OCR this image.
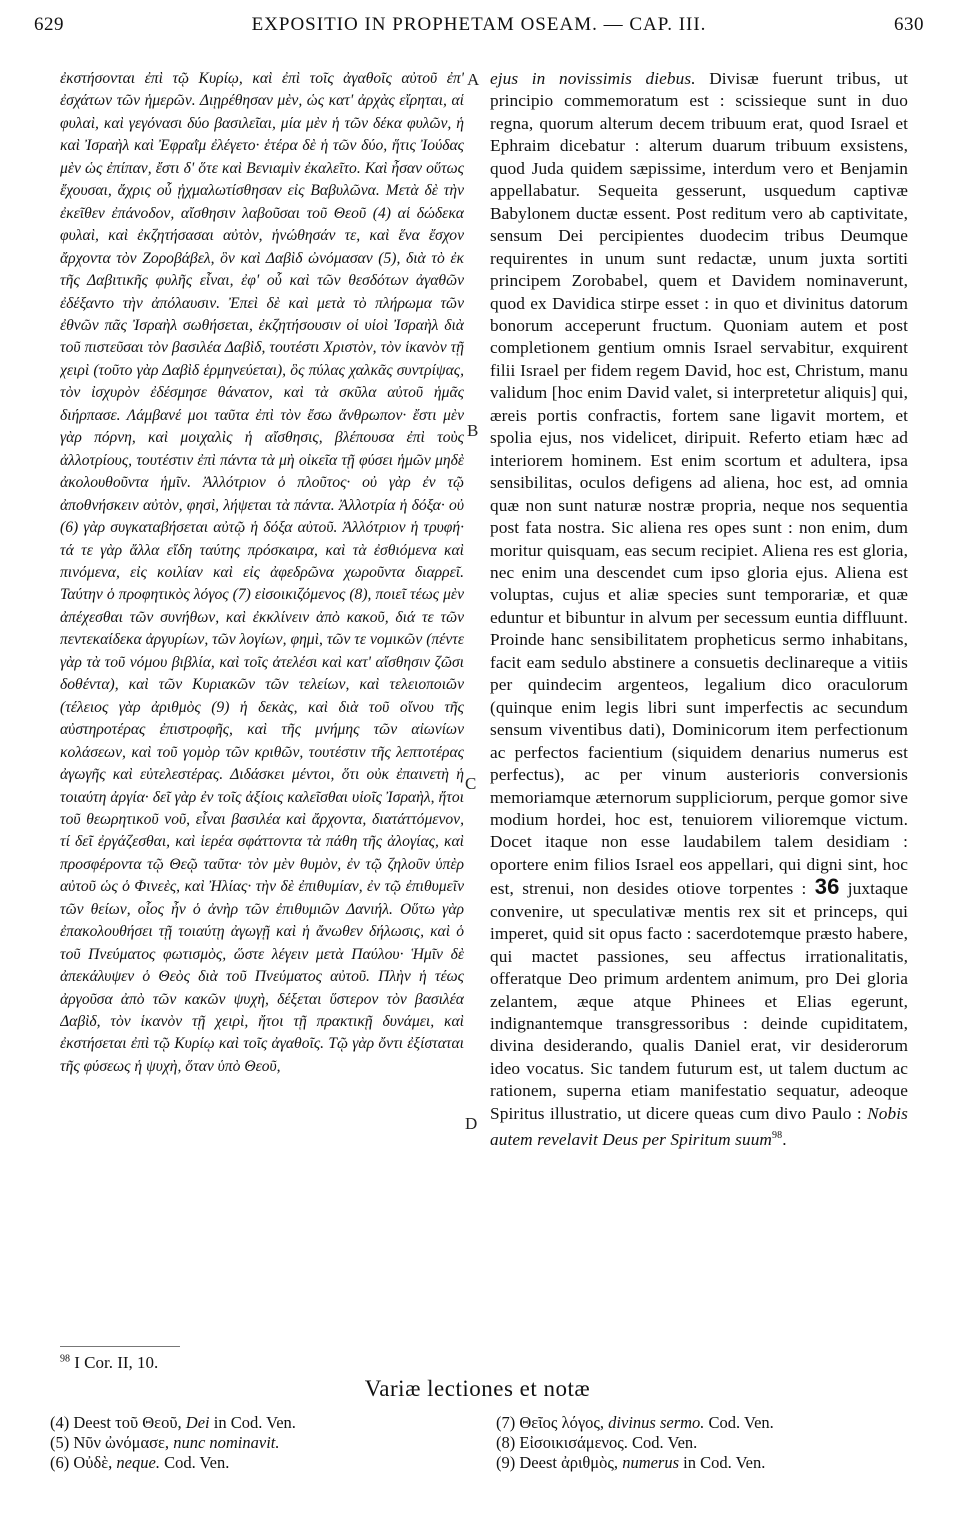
629	EXPOSITIO IN PROPHETAM OSEAM. — CAP. III.	630

ἐκστήσονται ἐπὶ τῷ Κυρίῳ, καὶ ἐπὶ τοῖς ἀγαθοῖς αὐτοῦ ἐπ' ἐσχάτων τῶν ἡμερῶν. Διῃρέθησαν μὲν, ὡς κατ' ἀρχὰς εἴρηται, αἱ φυλαὶ, καὶ γεγόνασι δύο βασιλεῖαι, μία μὲν ἡ τῶν δέκα φυλῶν, ἡ καὶ Ἰσραὴλ καὶ Ἐφραῒμ ἐλέγετο· ἑτέρα δὲ ἡ τῶν δύο, ἥτις Ἰούδας μὲν ὡς ἐπίπαν, ἔστι δ' ὅτε καὶ Βενιαμὶν ἐκαλεῖτο. Καὶ ἦσαν οὕτως ἔχουσαι, ἄχρις οὗ ᾐχμαλωτίσθησαν εἰς Βαβυλῶνα. Μετὰ δὲ τὴν ἐκεῖθεν ἐπάνοδον, αἴσθησιν λαβοῦσαι τοῦ Θεοῦ (4) αἱ δώδεκα φυλαὶ, καὶ ἐκζητήσασαι αὐτὸν, ἡνώθησάν τε, καὶ ἕνα ἔσχον ἄρχοντα τὸν Ζοροβάβελ, ὃν καὶ Δαβὶδ ὠνόμασαν (5), διὰ τὸ ἐκ τῆς Δαβιτικῆς φυλῆς εἶναι, ἐφ' οὗ καὶ τῶν θεσδότων ἀγαθῶν ἐδέξαντο τὴν ἀπόλαυσιν. Ἐπεὶ δὲ καὶ μετὰ τὸ πλήρωμα τῶν ἐθνῶν πᾶς Ἰσραὴλ σωθήσεται, ἐκζητήσουσιν οἱ υἱοὶ Ἰσραὴλ διὰ τοῦ πιστεῦσαι τὸν βασιλέα Δαβὶδ, τουτέστι Χριστὸν, τὸν ἱκανὸν τῇ χειρὶ (τοῦτο γὰρ Δαβὶδ ἑρμηνεύεται), ὃς πύλας χαλκᾶς συντρίψας, τὸν ἰσχυρὸν ἐδέσμησε θάνατον, καὶ τὰ σκῦλα αὐτοῦ ἡμᾶς διήρπασε. Λάμβανέ μοι ταῦτα ἐπὶ τὸν ἔσω ἄνθρωπον· ἔστι μὲν γὰρ πόρνη, καὶ μοιχαλὶς ἡ αἴσθησις, βλέπουσα ἐπὶ τοὺς ἀλλοτρίους, τουτέστιν ἐπὶ πάντα τὰ μὴ οἰκεῖα τῇ φύσει ἡμῶν μηδὲ ἀκολουθοῦντα ἡμῖν. Ἀλλότριον ὁ πλοῦτος· οὐ γὰρ ἐν τῷ ἀποθνήσκειν αὐτὸν, φησὶ, λήψεται τὰ πάντα. Ἀλλοτρία ἡ δόξα· οὐ (6) γὰρ συγκαταβήσεται αὐτῷ ἡ δόξα αὐτοῦ. Ἀλλότριον ἡ τρυφή· τά τε γὰρ ἄλλα εἴδη ταύτης πρόσκαιρα, καὶ τὰ ἐσθιόμενα καὶ πινόμενα, εἰς κοιλίαν καὶ εἰς ἀφεδρῶνα χωροῦντα διαρρεῖ. Ταύτην ὁ προφητικὸς λόγος (7) εἰσοικιζόμενος (8), ποιεῖ τέως μὲν ἀπέχεσθαι τῶν συνήθων, καὶ ἐκκλίνειν ἀπὸ κακοῦ, διά τε τῶν πεντεκαίδεκα ἀργυρίων, τῶν λογίων, φημὶ, τῶν τε νομικῶν (πέντε γὰρ τὰ τοῦ νόμου βιβλία, καὶ τοῖς ἀτελέσι καὶ κατ' αἴσθησιν ζῶσι δοθέντα), καὶ τῶν Κυριακῶν τῶν τελείων, καὶ τελειοποιῶν (τέλειος γὰρ ἀριθμὸς (9) ἡ δεκὰς, καὶ διὰ τοῦ οἴνου τῆς αὐστηροτέρας ἐπιστροφῆς, καὶ τῆς μνήμης τῶν αἰωνίων κολάσεων, καὶ τοῦ γομὸρ τῶν κριθῶν, τουτέστιν τῆς λεπτοτέρας ἀγωγῆς καὶ εὐτελεστέρας. Διδάσκει μέντοι, ὅτι οὐκ ἐπαινετὴ ἡ τοιαύτη ἀργία· δεῖ γὰρ ἐν τοῖς ἀξίοις καλεῖσθαι υἱοῖς Ἰσραὴλ, ἤτοι τοῦ θεωρητικοῦ νοῦ, εἶναι βασιλέα καὶ ἄρχοντα, διατάττόμενον, τί δεῖ ἐργάζεσθαι, καὶ ἱερέα σφάττοντα τὰ πάθη τῆς ἀλογίας, καὶ προσφέροντα τῷ Θεῷ ταῦτα· τὸν μὲν θυμὸν, ἐν τῷ ζηλοῦν ὑπὲρ αὐτοῦ ὡς ὁ Φινεὲς, καὶ Ἠλίας· τὴν δὲ ἐπιθυμίαν, ἐν τῷ ἐπιθυμεῖν τῶν θείων, οἷος ἦν ὁ ἀνὴρ τῶν ἐπιθυμιῶν Δανιήλ. Οὕτω γὰρ ἐπακολουθήσει τῇ τοιαύτῃ ἀγωγῇ καὶ ἡ ἄνωθεν δήλωσις, καὶ ὁ τοῦ Πνεύματος φωτισμὸς, ὥστε λέγειν μετὰ Παύλου· Ἡμῖν δὲ ἀπεκάλυψεν ὁ Θεὸς διὰ τοῦ Πνεύματος αὐτοῦ. Πλὴν ἡ τέως ἀργοῦσα ἀπὸ τῶν κακῶν ψυχὴ, δέξεται ὕστερον τὸν βασιλέα Δαβὶδ, τὸν ἱκανὸν τῇ χειρὶ, ἤτοι τῇ πρακτικῇ δυνάμει, καὶ ἐκστήσεται ἐπὶ τῷ Κυρίῳ καὶ τοῖς ἀγαθοῖς. Τῷ γὰρ ὄντι ἐξίσταται τῆς φύσεως ἡ ψυχὴ, ὅταν ὑπὸ Θεοῦ,

A
B
C
D

ejus in novissimis diebus. Divisæ fuerunt tribus, ut principio commemoratum est : scissieque sunt in duo regna, quorum alterum decem tribuum erat, quod Israel et Ephraim dicebatur : alterum duarum tribuum exsistens, quod Juda quidem sæpissime, interdum vero et Benjamin appellabatur. Sequeita gesserunt, usquedum captivæ Babylonem ductæ essent. Post reditum vero ab captivitate, sensum Dei percipientes duodecim tribus Deumque requirentes in unum sunt redactæ, unum juxta sortiti principem Zorobabel, quem et Davidem nominaverunt, quod ex Davidica stirpe esset : in quo et divinitus datorum bonorum acceperunt fructum. Quoniam autem et post completionem gentium omnis Israel servabitur, exquirent filii Israel per fidem regem David, hoc est, Christum, manu validum [hoc enim David valet, si interpretetur aliquis] qui, æreis portis confractis, fortem sane ligavit mortem, et spolia ejus, nos videlicet, diripuit. Referto etiam hæc ad interiorem hominem. Est enim scortum et adultera, ipsa sensibilitas, oculos defigens ad aliena, hoc est, ad omnia quæ non sunt naturæ nostræ propria, neque nos sequentia post fata nostra. Sic aliena res opes sunt : non enim, dum moritur quisquam, eas secum recipiet. Aliena res est gloria, nec enim una descendet cum ipso gloria ejus. Aliena est voluptas, cujus et aliæ species sunt temporariæ, et quæ eduntur et bibuntur in alvum per secessum euntia diffluunt. Proinde hanc sensibilitatem propheticus sermo inhabitans, facit eam sedulo abstinere a consuetis declinareque a vitiis per quindecim argenteos, legalium dico oraculorum (quinque enim legis libri sunt imperfectis ac secundum sensum viventibus dati), Dominicorum item perfectionum ac perfectos facientium (siquidem denarius numerus est perfectus), ac per vinum austerioris conversionis memoriamque æternorum suppliciorum, perque gomor sive modium hordei, hoc est, tenuiorem vilioremque victum. Docet itaque non esse laudabilem talem desidiam : oportere enim filios Israel eos appellari, qui digni sint, hoc est, strenui, non desides otiove torpentes : 36 juxtaque convenire, ut speculativæ mentis rex sit et princeps, qui imperet, quid sit opus facto : sacerdotemque præsto habere, qui mactet passiones, seu affectus irrationalitatis, offeratque Deo primum ardentem animum, pro Dei gloria zelantem, æque atque Phinees et Elias egerunt, indignantemque transgressoribus : deinde cupiditatem, divina desiderando, qualis Daniel erat, vir desiderorum ideo vocatus. Sic tandem futurum est, ut talem ductum ac rationem, superna etiam manifestatio sequatur, adeoque Spiritus illustratio, ut dicere queas cum divo Paulo : Nobis autem revelavit Deus per Spiritum suum$^{98}$.

$^{98}$ I Cor. II, 10.
Variæ lectiones et notæ
(4) Deest τοῦ Θεοῦ, Dei in Cod. Ven.
(5) Νῦν ὠνόμασε, nunc nominavit.
(6) Οὐδὲ, neque. Cod. Ven.
(7) Θεῖος λόγος, divinus sermo. Cod. Ven.
(8) Εἰσοικισάμενος. Cod. Ven.
(9) Deest ἀριθμὸς, numerus in Cod. Ven.
